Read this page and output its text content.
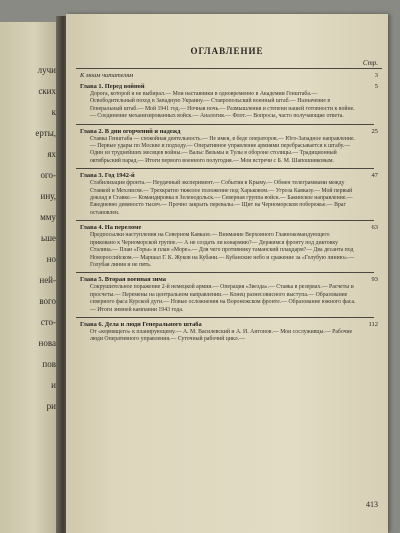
лучи
ских
к
ерты,
ях
ого-
ину,
мму
ьше
но
ней-
вого
сто-
нова
пов
и
ри
ОГЛАВЛЕНИЕ
Стр.
К моим читателям	3
Глава 1. Перед войной
Дорога, которой я не выбирал.— Мои наставники в одновременно в Академии Генштаба.— Освободительный поход в Западную Украину.— Ставропольский военный штаб.— Назначение в Генеральный штаб.— Мой 1941 год.— Ночная ночь.— Размышления и степени нашей готовности к войне.— Соединение механизированных войск.— Аналогия.— Флот.— Вопросы, часто получающие ответа.
5
Глава 2. В дни огорчений и надежд
Ставка Генштаба — спокойная деятельность.— Не имея, в беде операторов.— Юго-Западное направление.— Первые удары по Москве и подходу.— Оперативное управление армиями перебрасывается к штабу.— Один из труднейших месяцев войны.— Вальс Вязьмы и Тулы в обороне столицы.— Традиционный октябрьский парад.— Итоги первого военного полугодия.— Мои встречи с Б. М. Шапошниковым.
25
Глава 3. Год 1942-й
Стабилизация фронта.— Неудачный эксперимент.— События в Крыму.— Обмен телеграммами между Ставкой и Мехлисом.— Трехкратно тяжелое положение под Харьковом.— Угроза Кавказу.— Мой первый доклад в Ставке.— Командировка в Зеленодольск.— Северная группа войск.— Бакинское направление.— Ежедневно девяносто тысяч.— Прочно закрыть перевалы.— Щит на Черноморском побережье.— Враг остановлен.
47
Глава 4. На переломе
Предпосылки наступления на Северном Кавказе.— Внимание Верховного Главнокомандующего приковано к Черноморской группе.— А не создать ли конармию?— Держимся фронту под диктовку Сталина.— План «Горы» и план «Море».— Для чего противнику таманский плацдарм?— Два десанта под Новороссийском.— Маршал Г. К. Жуков на Кубани.— Кубанские небо и сражение за «Голубую линию».— Голубая линия и не пять.
63
Глава 5. Вторая военная зима
Сокрушительное поражение 2-й немецкой армии.— Операция «Звезда».— Ставка в резервах.— Расчеты и просчеты.— Перемены на центральном направлении.— Конец разнесовисного выступа.— Образование северного фаса Курской дуги.— Новые осложнения на Воронежском фронте.— Образование южного фаса.— Итоги зимней кампании 1943 года.
93
Глава 6. Дела и люди Генерального штаба
От «кормящего» к планирующему.— А. М. Василевский и А. И. Антонов.— Мои сослуживцы.— Рабочие люди Оперативного управления.— Суточный рабочий цикл.—
112
413
